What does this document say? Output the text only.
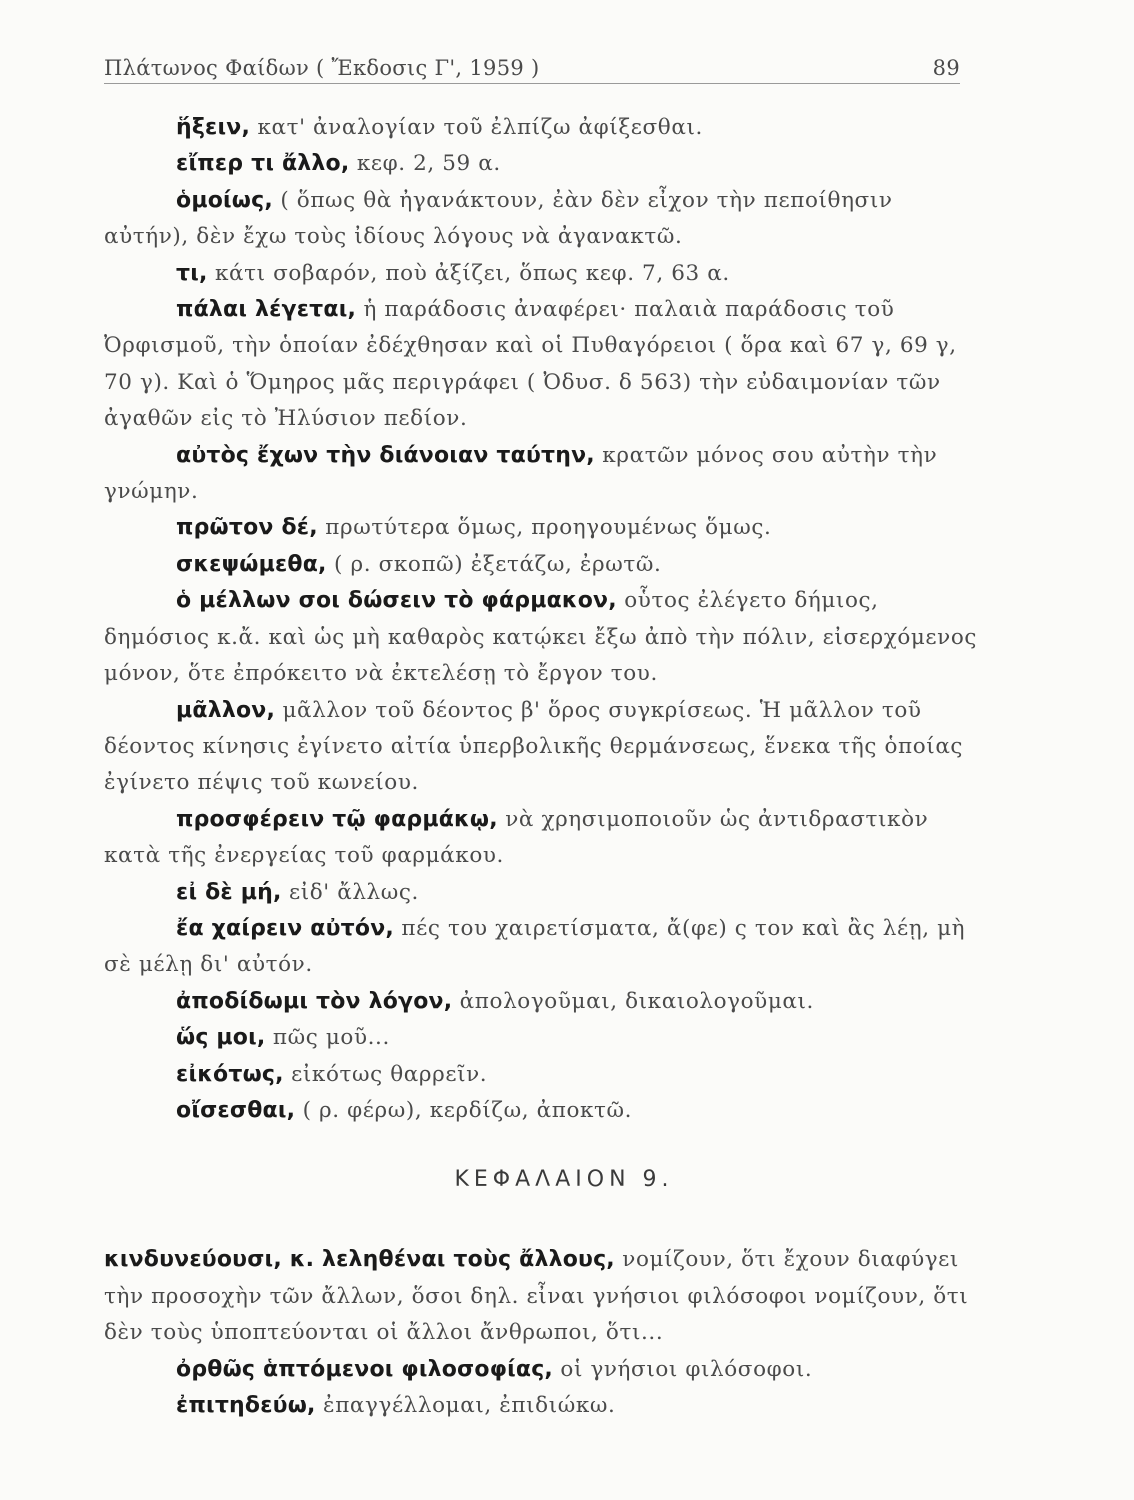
Πλάτωνος Φαίδων ( Ἔκδοσις Γ', 1959 )	89

ἥξειν, κατ' ἀναλογίαν τοῦ ἐλπίζω ἀφίξεσθαι.

εἴπερ τι ἄλλο, κεφ. 2, 59 α.

ὁμοίως, ( ὅπως θὰ ἠγανάκτουν, ἐὰν δὲν εἶχον τὴν πεποίθησιν αὐτήν), δὲν ἔχω τοὺς ἰδίους λόγους νὰ ἀγανακτῶ.

τι, κάτι σοβαρόν, ποὺ ἀξίζει, ὅπως κεφ. 7, 63 α.

πάλαι λέγεται, ἡ παράδοσις ἀναφέρει· παλαιὰ παράδοσις τοῦ Ὀρφισμοῦ, τὴν ὁποίαν ἐδέχθησαν καὶ οἱ Πυθαγόρειοι ( ὅρα καὶ 67 γ, 69 γ, 70 γ). Καὶ ὁ Ὅμηρος μᾶς περιγράφει ( Ὀδυσ. δ 563) τὴν εὐδαιμονίαν τῶν ἀγαθῶν εἰς τὸ Ἠλύσιον πεδίον.

αὐτὸς ἔχων τὴν διάνοιαν ταύτην, κρατῶν μόνος σου αὐτὴν τὴν γνώμην.

πρῶτον δέ, πρωτύτερα ὅμως, προηγουμένως ὅμως.

σκεψώμεθα, ( ρ. σκοπῶ) ἐξετάζω, ἐρωτῶ.

ὁ μέλλων σοι δώσειν τὸ φάρμακον, οὗτος ἐλέγετο δήμιος, δημόσιος κ.ἄ. καὶ ὡς μὴ καθαρὸς κατῴκει ἔξω ἀπὸ τὴν πόλιν, εἰσερχόμενος μόνον, ὅτε ἐπρόκειτο νὰ ἐκτελέσῃ τὸ ἔργον του.

μᾶλλον, μᾶλλον τοῦ δέοντος β' ὅρος συγκρίσεως. Ἡ μᾶλλον τοῦ δέοντος κίνησις ἐγίνετο αἰτία ὑπερβολικῆς θερμάνσεως, ἕνεκα τῆς ὁποίας ἐγίνετο πέψις τοῦ κωνείου.

προσφέρειν τῷ φαρμάκῳ, νὰ χρησιμοποιοῦν ὡς ἀντιδραστικὸν κατὰ τῆς ἐνεργείας τοῦ φαρμάκου.

εἰ δὲ μή, εἰδ' ἄλλως.

ἔα χαίρειν αὐτόν, πές του χαιρετίσματα, ἄ(φε) ς τον καὶ ἂς λέῃ, μὴ σὲ μέλῃ δι' αὐτόν.

ἀποδίδωμι τὸν λόγον, ἀπολογοῦμαι, δικαιολογοῦμαι.

ὥς μοι, πῶς μοῦ...

εἰκότως, εἰκότως θαρρεῖν.

οἴσεσθαι, ( ρ. φέρω), κερδίζω, ἀποκτῶ.

ΚΕΦΑΛΑΙΟΝ 9.

κινδυνεύουσι, κ. λεληθέναι τοὺς ἄλλους, νομίζουν, ὅτι ἔχουν διαφύγει τὴν προσοχὴν τῶν ἄλλων, ὅσοι δηλ. εἶναι γνήσιοι φιλόσοφοι νομίζουν, ὅτι δὲν τοὺς ὑποπτεύονται οἱ ἄλλοι ἄνθρωποι, ὅτι...

ὀρθῶς ἁπτόμενοι φιλοσοφίας, οἱ γνήσιοι φιλόσοφοι.

ἐπιτηδεύω, ἐπαγγέλλομαι, ἐπιδιώκω.
